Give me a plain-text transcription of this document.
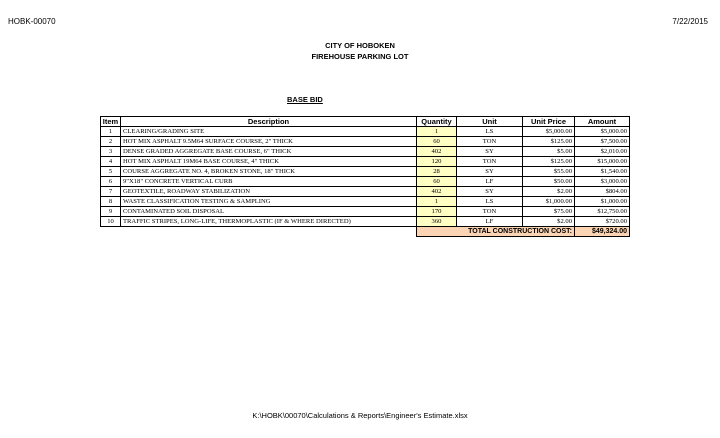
HOBK-00070	7/22/2015
CITY OF HOBOKEN
FIREHOUSE PARKING LOT
BASE BID
Item	Description	Quantity	Unit	Unit Price	Amount
1	CLEARING/GRADING SITE	1	LS	$5,000.00	$5,000.00
2	HOT MIX ASPHALT 9.5M64 SURFACE COURSE, 2" THICK	60	TON	$125.00	$7,500.00
3	DENSE GRADED AGGREGATE BASE COURSE, 6" THICK	402	SY	$5.00	$2,010.00
4	HOT MIX ASPHALT 19M64 BASE COURSE, 4" THICK	120	TON	$125.00	$15,000.00
5	COURSE AGGREGATE NO. 4, BROKEN STONE, 18" THICK	28	SY	$55.00	$1,540.00
6	9"X18" CONCRETE VERTICAL CURB	60	LF	$50.00	$3,000.00
7	GEOTEXTILE, ROADWAY STABILIZATION	402	SY	$2.00	$804.00
8	WASTE CLASSIFICATION TESTING & SAMPLING	1	LS	$1,000.00	$1,000.00
9	CONTAMINATED SOIL DISPOSAL	170	TON	$75.00	$12,750.00
10	TRAFFIC STRIPES, LONG-LIFE, THERMOPLASTIC (IF & WHERE DIRECTED)	360	LF	$2.00	$720.00
		TOTAL CONSTRUCTION COST:			$49,324.00
K:\HOBK\00070\Calculations & Reports\Engineer's Estimate.xlsx
